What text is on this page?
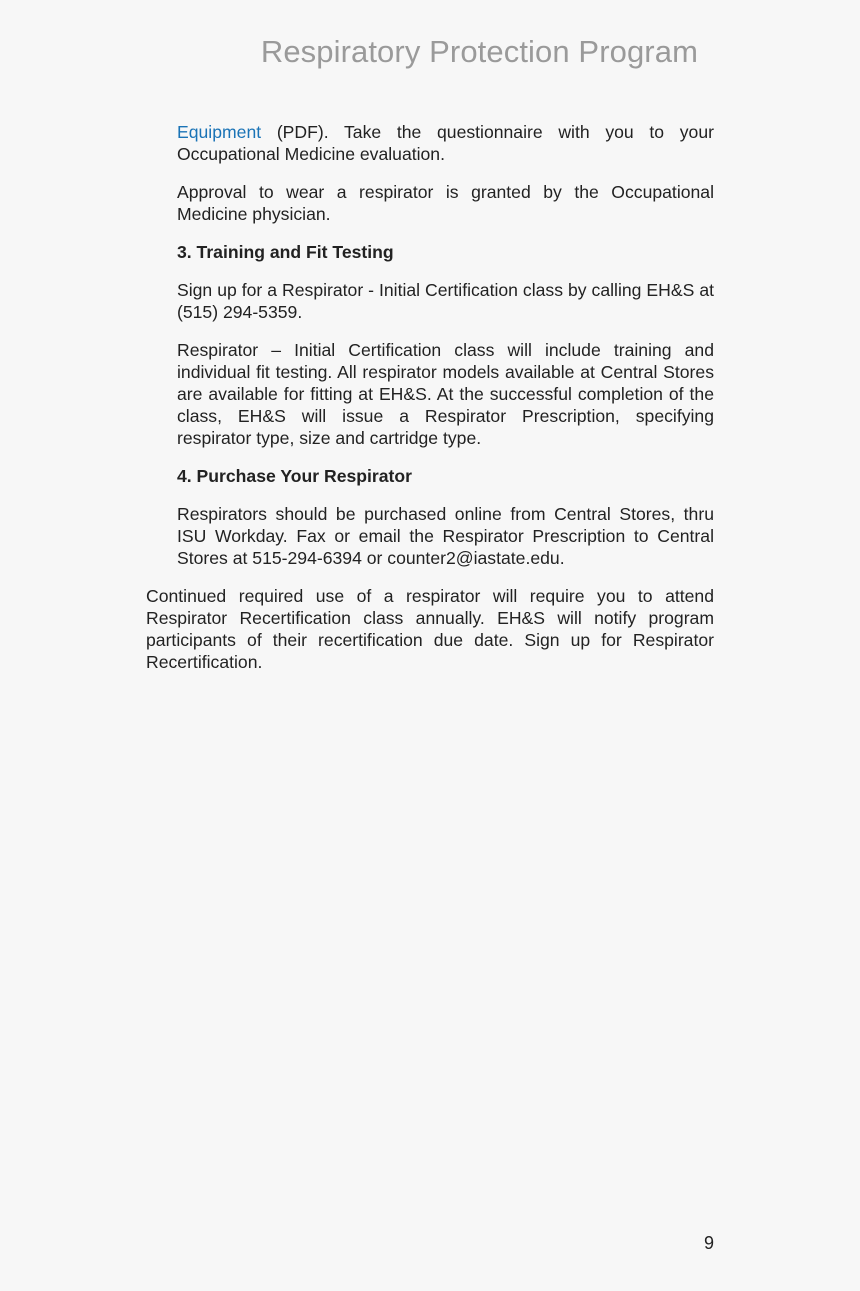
Respiratory Protection Program

Equipment (PDF). Take the questionnaire with you to your Occupational Medicine evaluation.

Approval to wear a respirator is granted by the Occupational Medicine physician.

3. Training and Fit Testing

Sign up for a Respirator - Initial Certification class by calling EH&S at (515) 294-5359.

Respirator – Initial Certification class will include training and individual fit testing. All respirator models available at Central Stores are available for fitting at EH&S. At the successful completion of the class, EH&S will issue a Respirator Prescription, specifying respirator type, size and cartridge type.

4. Purchase Your Respirator

Respirators should be purchased online from Central Stores, thru ISU Workday. Fax or email the Respirator Prescription to Central Stores at 515-294-6394 or counter2@iastate.edu.

Continued required use of a respirator will require you to attend Respirator Recertification class annually. EH&S will notify program participants of their recertification due date. Sign up for Respirator Recertification.

9
